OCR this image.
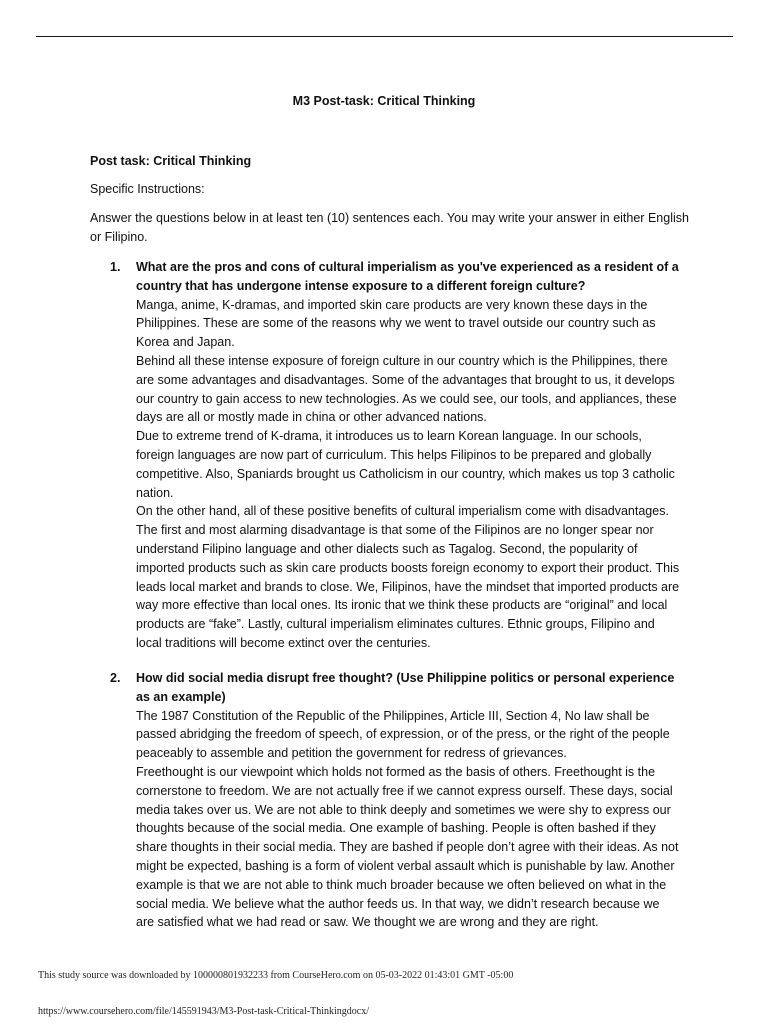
M3 Post-task: Critical Thinking
Post task: Critical Thinking
Specific Instructions:
Answer the questions below in at least ten (10) sentences each. You may write your answer in either English or Filipino.
1. What are the pros and cons of cultural imperialism as you've experienced as a resident of a country that has undergone intense exposure to a different foreign culture?
Manga, anime, K-dramas, and imported skin care products are very known these days in the Philippines. These are some of the reasons why we went to travel outside our country such as Korea and Japan.
Behind all these intense exposure of foreign culture in our country which is the Philippines, there are some advantages and disadvantages. Some of the advantages that brought to us, it develops our country to gain access to new technologies. As we could see, our tools, and appliances, these days are all or mostly made in china or other advanced nations.
Due to extreme trend of K-drama, it introduces us to learn Korean language. In our schools, foreign languages are now part of curriculum. This helps Filipinos to be prepared and globally competitive. Also, Spaniards brought us Catholicism in our country, which makes us top 3 catholic nation.
On the other hand, all of these positive benefits of cultural imperialism come with disadvantages. The first and most alarming disadvantage is that some of the Filipinos are no longer spear nor understand Filipino language and other dialects such as Tagalog. Second, the popularity of imported products such as skin care products boosts foreign economy to export their product. This leads local market and brands to close. We, Filipinos, have the mindset that imported products are way more effective than local ones. Its ironic that we think these products are “original” and local products are “fake”. Lastly, cultural imperialism eliminates cultures. Ethnic groups, Filipino and local traditions will become extinct over the centuries.
2. How did social media disrupt free thought? (Use Philippine politics or personal experience as an example)
The 1987 Constitution of the Republic of the Philippines, Article III, Section 4, No law shall be passed abridging the freedom of speech, of expression, or of the press, or the right of the people peaceably to assemble and petition the government for redress of grievances.
Freethought is our viewpoint which holds not formed as the basis of others. Freethought is the cornerstone to freedom. We are not actually free if we cannot express ourself. These days, social media takes over us. We are not able to think deeply and sometimes we were shy to express our thoughts because of the social media. One example of bashing. People is often bashed if they share thoughts in their social media. They are bashed if people don’t agree with their ideas. As not might be expected, bashing is a form of violent verbal assault which is punishable by law. Another example is that we are not able to think much broader because we often believed on what in the social media. We believe what the author feeds us. In that way, we didn’t research because we are satisfied what we had read or saw. We thought we are wrong and they are right.
This study source was downloaded by 100000801932233 from CourseHero.com on 05-03-2022 01:43:01 GMT -05:00
https://www.coursehero.com/file/145591943/M3-Post-task-Critical-Thinkingdocx/
